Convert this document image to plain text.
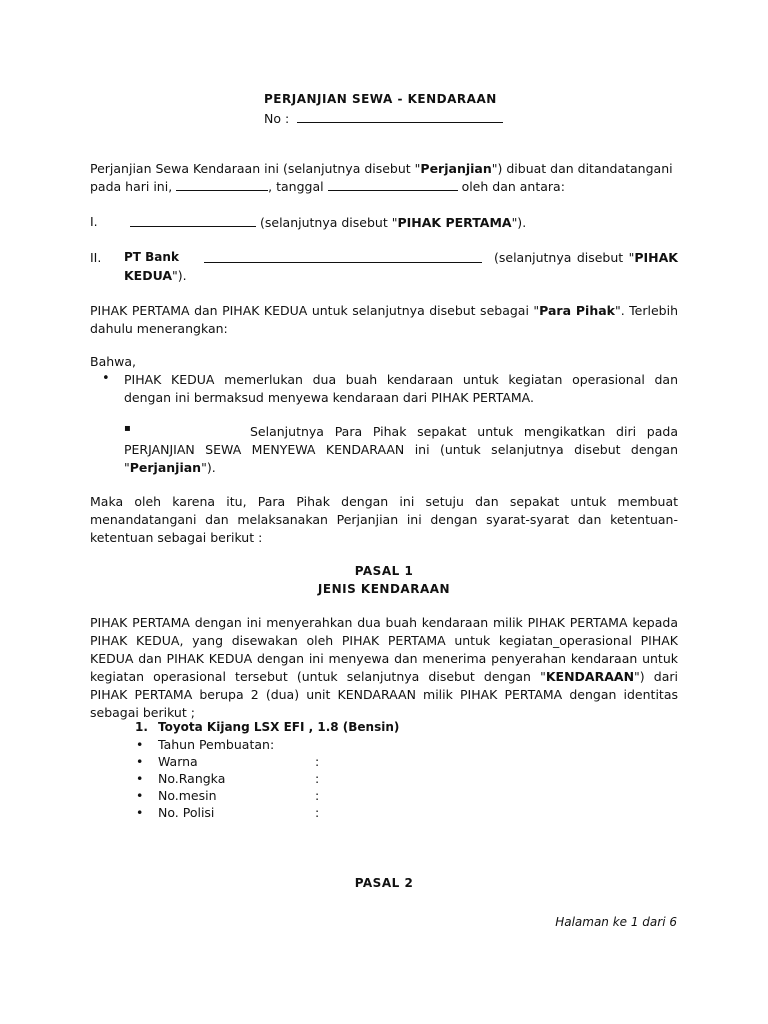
PERJANJIAN SEWA - KENDARAAN
No :
Perjanjian Sewa Kendaraan ini (selanjutnya disebut "Perjanjian") dibuat dan ditandatangani
pada hari ini,	, tanggal	oleh dan antara:
I.	(selanjutnya disebut "PIHAK PERTAMA").
II. PT Bank	(selanjutnya disebut "PIHAK
KEDUA").
PIHAK PERTAMA dan PIHAK KEDUA untuk selanjutnya disebut sebagai "Para Pihak". Terlebih dahulu menerangkan:
Bahwa,
• PIHAK KEDUA memerlukan dua buah kendaraan untuk kegiatan operasional dan dengan ini bermaksud menyewa kendaraan dari PIHAK PERTAMA.
▪	Selanjutnya Para Pihak sepakat untuk mengikatkan diri pada PERJANJIAN SEWA MENYEWA KENDARAAN ini (untuk selanjutnya disebut dengan "Perjanjian").
Maka oleh karena itu, Para Pihak dengan ini setuju dan sepakat untuk membuat menandatangani dan melaksanakan Perjanjian ini dengan syarat-syarat dan ketentuan-ketentuan sebagai berikut :
PASAL 1
JENIS KENDARAAN
PIHAK PERTAMA dengan ini menyerahkan dua buah kendaraan milik PIHAK PERTAMA kepada PIHAK KEDUA, yang disewakan oleh PIHAK PERTAMA untuk kegiatan_operasional PIHAK KEDUA dan PIHAK KEDUA dengan ini menyewa dan menerima penyerahan kendaraan untuk kegiatan operasional tersebut (untuk selanjutnya disebut dengan "KENDARAAN") dari PIHAK PERTAMA berupa 2 (dua) unit KENDARAAN milik PIHAK PERTAMA dengan identitas sebagai berikut ;
1. Toyota Kijang LSX EFI , 1.8 (Bensin)
• Tahun Pembuatan :
• Warna	:
• No.Rangka	:
• No.mesin	:
• No. Polisi	:
PASAL 2
Halaman ke 1 dari 6
